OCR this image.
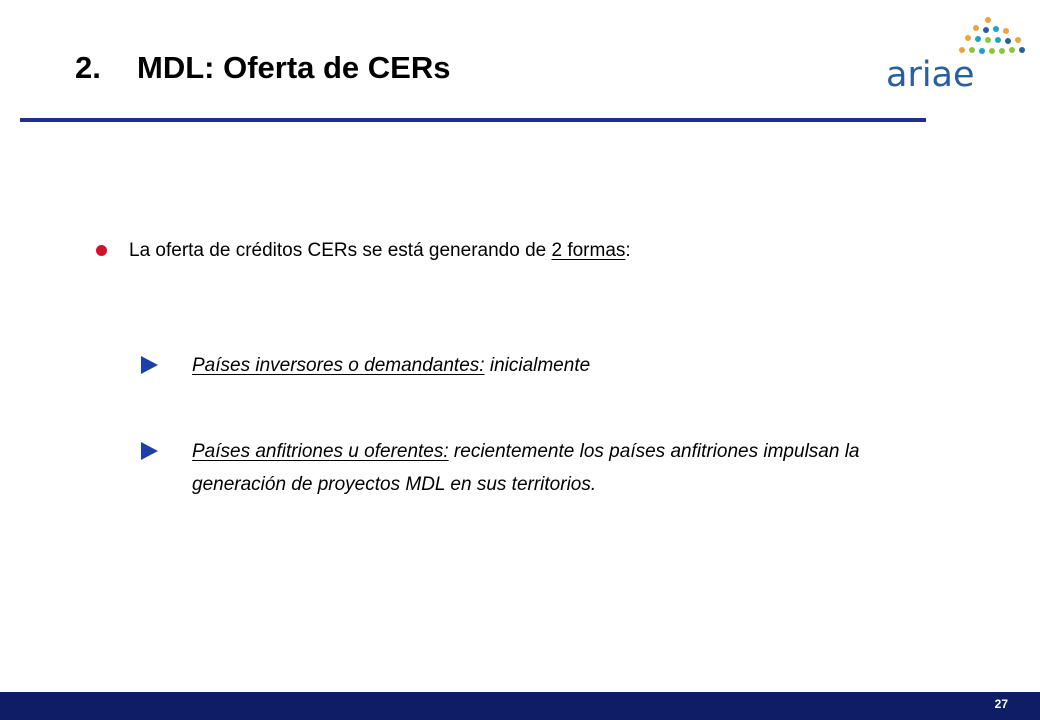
2. MDL: Oferta de CERs	ariae
La oferta de créditos CERs se está generando de 2 formas:
Países inversores o demandantes: inicialmente
Países anfitriones u oferentes: recientemente los países anfitriones impulsan la generación de proyectos MDL en sus territorios.
27
